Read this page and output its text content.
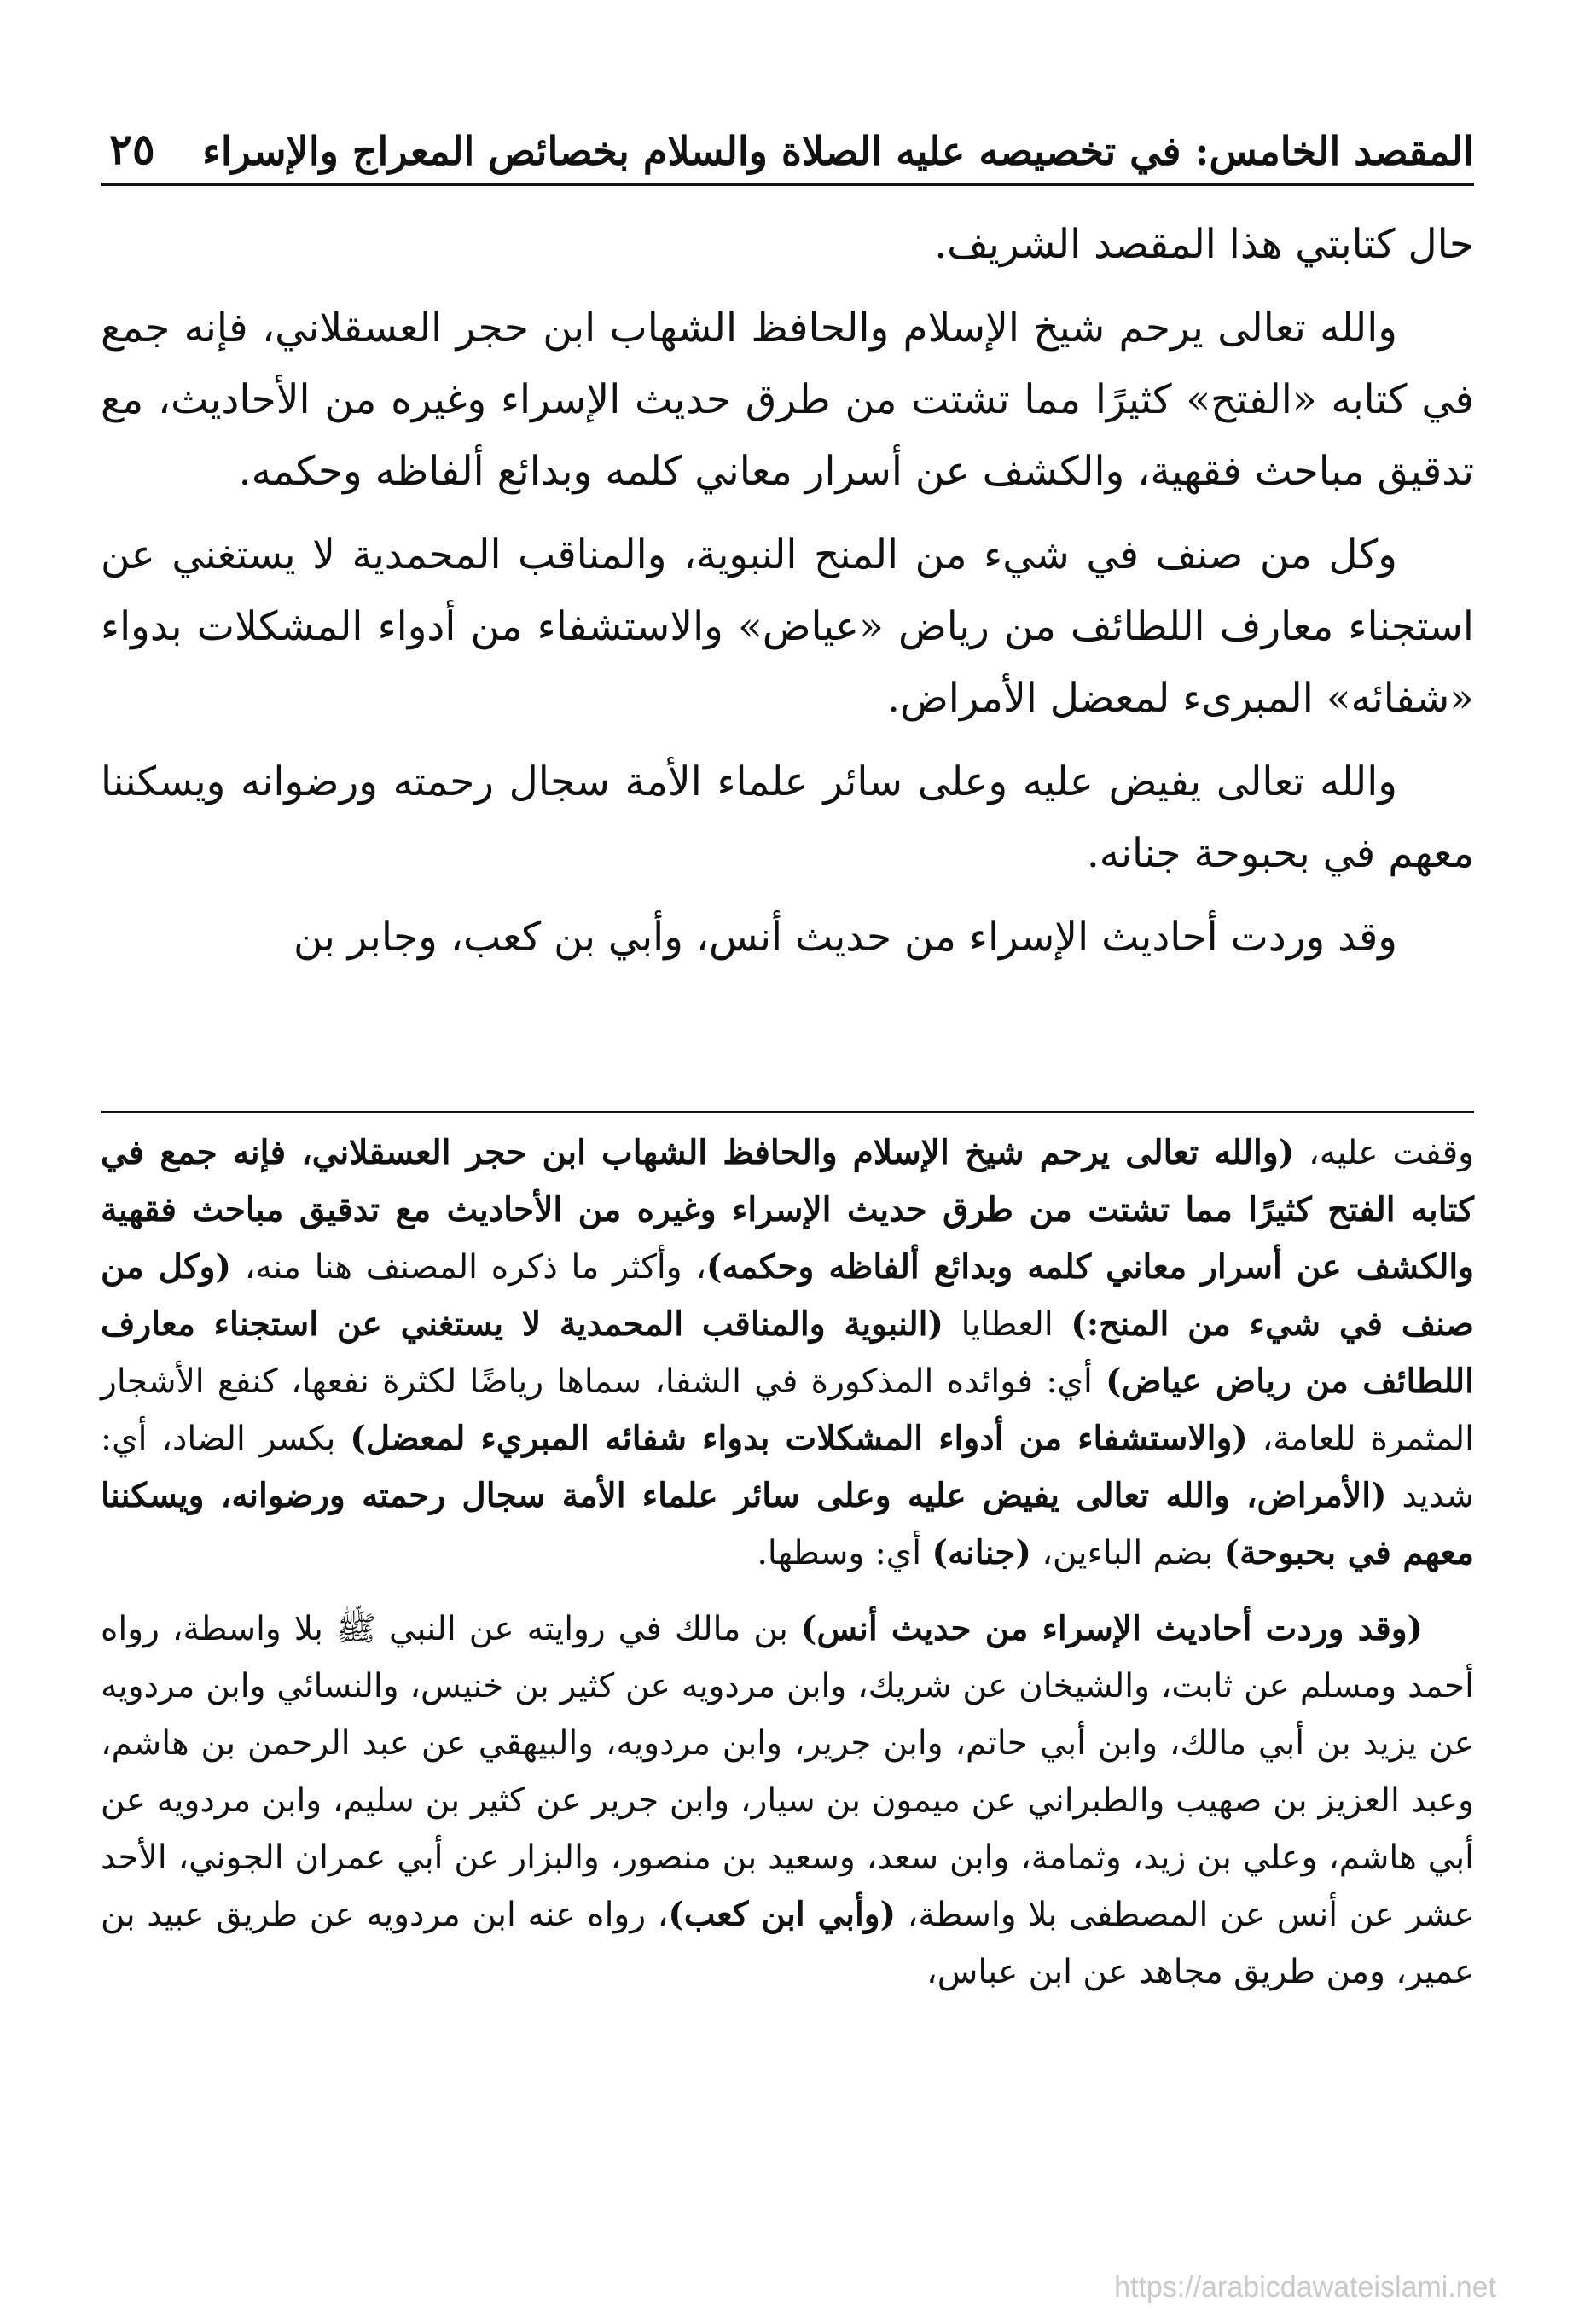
المقصد الخامس: في تخصيصه عليه الصلاة والسلام بخصائص المعراج والإسراء
٢٥

حال كتابتي هذا المقصد الشريف.

والله تعالى يرحم شيخ الإسلام والحافظ الشهاب ابن حجر العسقلاني، فإنه جمع في كتابه «الفتح» كثيرًا مما تشتت من طرق حديث الإسراء وغيره من الأحاديث، مع تدقيق مباحث فقهية، والكشف عن أسرار معاني كلمه وبدائع ألفاظه وحكمه.

وكل من صنف في شيء من المنح النبوية، والمناقب المحمدية لا يستغني عن استجناء معارف اللطائف من رياض «عياض» والاستشفاء من أدواء المشكلات بدواء «شفائه» المبرىء لمعضل الأمراض.

والله تعالى يفيض عليه وعلى سائر علماء الأمة سجال رحمته ورضوانه ويسكننا معهم في بحبوحة جنانه.

وقد وردت أحاديث الإسراء من حديث أنس، وأبي بن كعب، وجابر بن

وقفت عليه، (والله تعالى يرحم شيخ الإسلام والحافظ الشهاب ابن حجر العسقلاني، فإنه جمع في كتابه الفتح كثيرًا مما تشتت من طرق حديث الإسراء وغيره من الأحاديث مع تدقيق مباحث فقهية والكشف عن أسرار معاني كلمه وبدائع ألفاظه وحكمه)، وأكثر ما ذكره المصنف هنا منه، (وكل من صنف في شيء من المنح:) العطايا (النبوية والمناقب المحمدية لا يستغني عن استجناء معارف اللطائف من رياض عياض) أي: فوائده المذكورة في الشفا، سماها رياضًا لكثرة نفعها، كنفع الأشجار المثمرة للعامة، (والاستشفاء من أدواء المشكلات بدواء شفائه المبريء لمعضل) بكسر الضاد، أي: شديد (الأمراض، والله تعالى يفيض عليه وعلى سائر علماء الأمة سجال رحمته ورضوانه، ويسكننا معهم في بحبوحة) بضم الباءين، (جنانه) أي: وسطها.

(وقد وردت أحاديث الإسراء من حديث أنس) بن مالك في روايته عن النبي ﷺ بلا واسطة، رواه أحمد ومسلم عن ثابت، والشيخان عن شريك، وابن مردويه عن كثير بن خنيس، والنسائي وابن مردويه عن يزيد بن أبي مالك، وابن أبي حاتم، وابن جرير، وابن مردويه، والبيهقي عن عبد الرحمن بن هاشم، وعبد العزيز بن صهيب والطبراني عن ميمون بن سيار، وابن جرير عن كثير بن سليم، وابن مردويه عن أبي هاشم، وعلي بن زيد، وثمامة، وابن سعد، وسعيد بن منصور، والبزار عن أبي عمران الجوني، الأحد عشر عن أنس عن المصطفى بلا واسطة، (وأبي ابن كعب)، رواه عنه ابن مردويه عن طريق عبيد بن عمير، ومن طريق مجاهد عن ابن عباس،

https://arabicdawateislami.net
